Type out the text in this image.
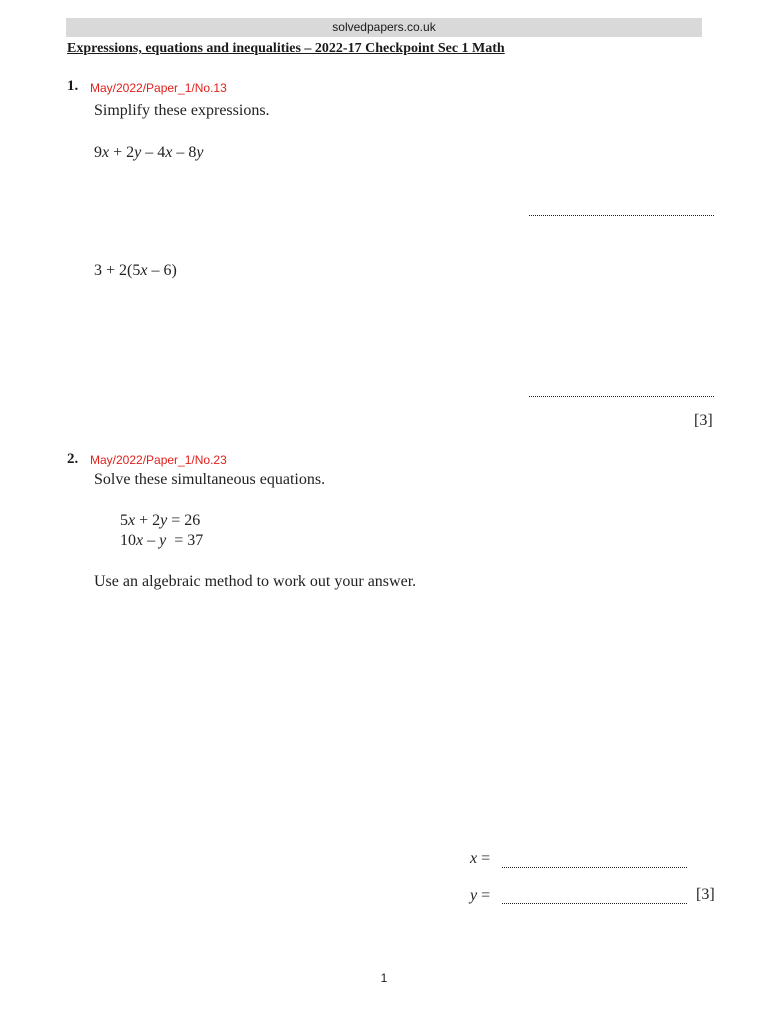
solvedpapers.co.uk
Expressions, equations and inequalities – 2022-17 Checkpoint Sec 1 Math
1. May/2022/Paper_1/No.13
Simplify these expressions.
9x + 2y – 4x – 8y
3 + 2(5x – 6)
[3]
2. May/2022/Paper_1/No.23
Solve these simultaneous equations.
5x + 2y = 26
10x – y  = 37
Use an algebraic method to work out your answer.
x =
y =	[3]
1
